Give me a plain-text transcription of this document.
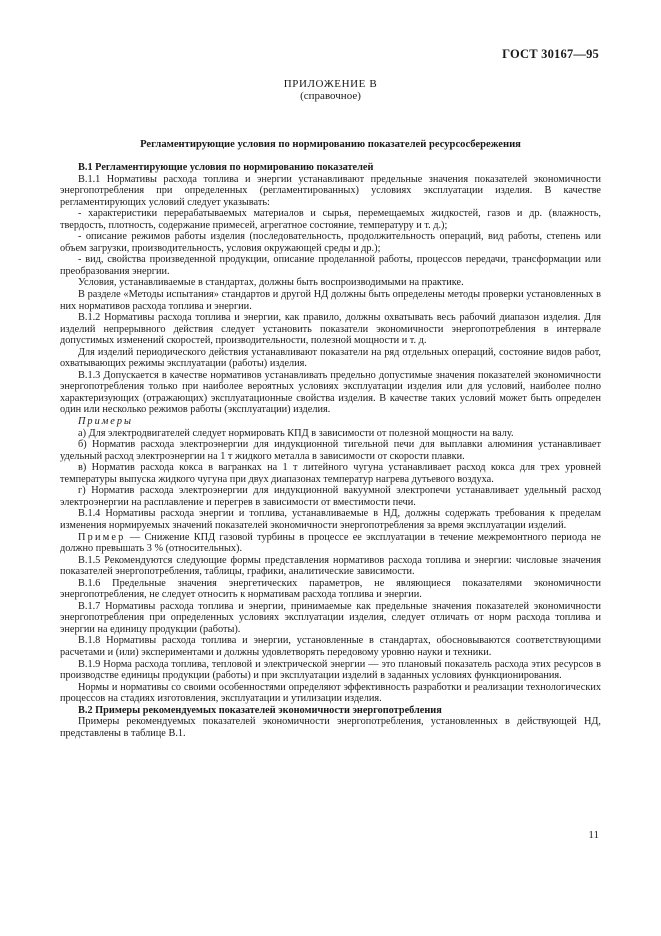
ГОСТ 30167—95
ПРИЛОЖЕНИЕ В
(справочное)
Регламентирующие условия по нормированию показателей ресурсосбережения
В.1 Регламентирующие условия по нормированию показателей

В.1.1 Нормативы расхода топлива и энергии устанавливают предельные значения показателей экономичности энергопотребления при определенных (регламентированных) условиях эксплуатации изделия. В качестве регламентирующих условий следует указывать:

- характеристики перерабатываемых материалов и сырья, перемещаемых жидкостей, газов и др. (влажность, твердость, плотность, содержание примесей, агрегатное состояние, температуру и т. д.);

- описание режимов работы изделия (последовательность, продолжительность операций, вид работы, степень или объем загрузки, производительность, условия окружающей среды и др.);

- вид, свойства произведенной продукции, описание проделанной работы, процессов передачи, трансформации или преобразования энергии.

Условия, устанавливаемые в стандартах, должны быть воспроизводимыми на практике.

В разделе «Методы испытания» стандартов и другой НД должны быть определены методы проверки установленных в них нормативов расхода топлива и энергии.

В.1.2 Нормативы расхода топлива и энергии, как правило, должны охватывать весь рабочий диапазон изделия. Для изделий непрерывного действия следует установить показатели экономичности энергопотребления в интервале допустимых изменений скоростей, производительности, полезной мощности и т. д.

Для изделий периодического действия устанавливают показатели на ряд отдельных операций, состояние видов работ, охватывающих режимы эксплуатации (работы) изделия.

В.1.3 Допускается в качестве нормативов устанавливать предельно допустимые значения показателей экономичности энергопотребления только при наиболее вероятных условиях эксплуатации изделия или для условий, наиболее полно характеризующих (отражающих) эксплуатационные свойства изделия. В качестве таких условий может быть определен один или несколько режимов работы (эксплуатации) изделия.

Примеры

а) Для электродвигателей следует нормировать КПД в зависимости от полезной мощности на валу.

б) Норматив расхода электроэнергии для индукционной тигельной печи для выплавки алюминия устанавливает удельный расход электроэнергии на 1 т жидкого металла в зависимости от скорости плавки.

в) Норматив расхода кокса в вагранках на 1 т литейного чугуна устанавливает расход кокса для трех уровней температуры выпуска жидкого чугуна при двух диапазонах температур нагрева дутьевого воздуха.

г) Норматив расхода электроэнергии для индукционной вакуумной электропечи устанавливает удельный расход электроэнергии на расплавление и перегрев в зависимости от вместимости печи.

В.1.4 Нормативы расхода энергии и топлива, устанавливаемые в НД, должны содержать требования к пределам изменения нормируемых значений показателей экономичности энергопотребления за время эксплуатации изделий.

Пример — Снижение КПД газовой турбины в процессе ее эксплуатации в течение межремонтного периода не должно превышать 3 % (относительных).

В.1.5 Рекомендуются следующие формы представления нормативов расхода топлива и энергии: числовые значения показателей энергопотребления, таблицы, графики, аналитические зависимости.

В.1.6 Предельные значения энергетических параметров, не являющиеся показателями экономичности энергопотребления, не следует относить к нормативам расхода топлива и энергии.

В.1.7 Нормативы расхода топлива и энергии, принимаемые как предельные значения показателей экономичности энергопотребления при определенных условиях эксплуатации изделия, следует отличать от норм расхода топлива и энергии на единицу продукции (работы).

В.1.8 Нормативы расхода топлива и энергии, установленные в стандартах, обосновываются соответствующими расчетами и (или) экспериментами и должны удовлетворять передовому уровню науки и техники.

В.1.9 Норма расхода топлива, тепловой и электрической энергии — это плановый показатель расхода этих ресурсов в производстве единицы продукции (работы) и при эксплуатации изделий в заданных условиях функционирования.

Нормы и нормативы со своими особенностями определяют эффективность разработки и реализации технологических процессов на стадиях изготовления, эксплуатации и утилизации изделия.

В.2 Примеры рекомендуемых показателей экономичности энергопотребления

Примеры рекомендуемых показателей экономичности энергопотребления, установленных в действующей НД, представлены в таблице В.1.

11
